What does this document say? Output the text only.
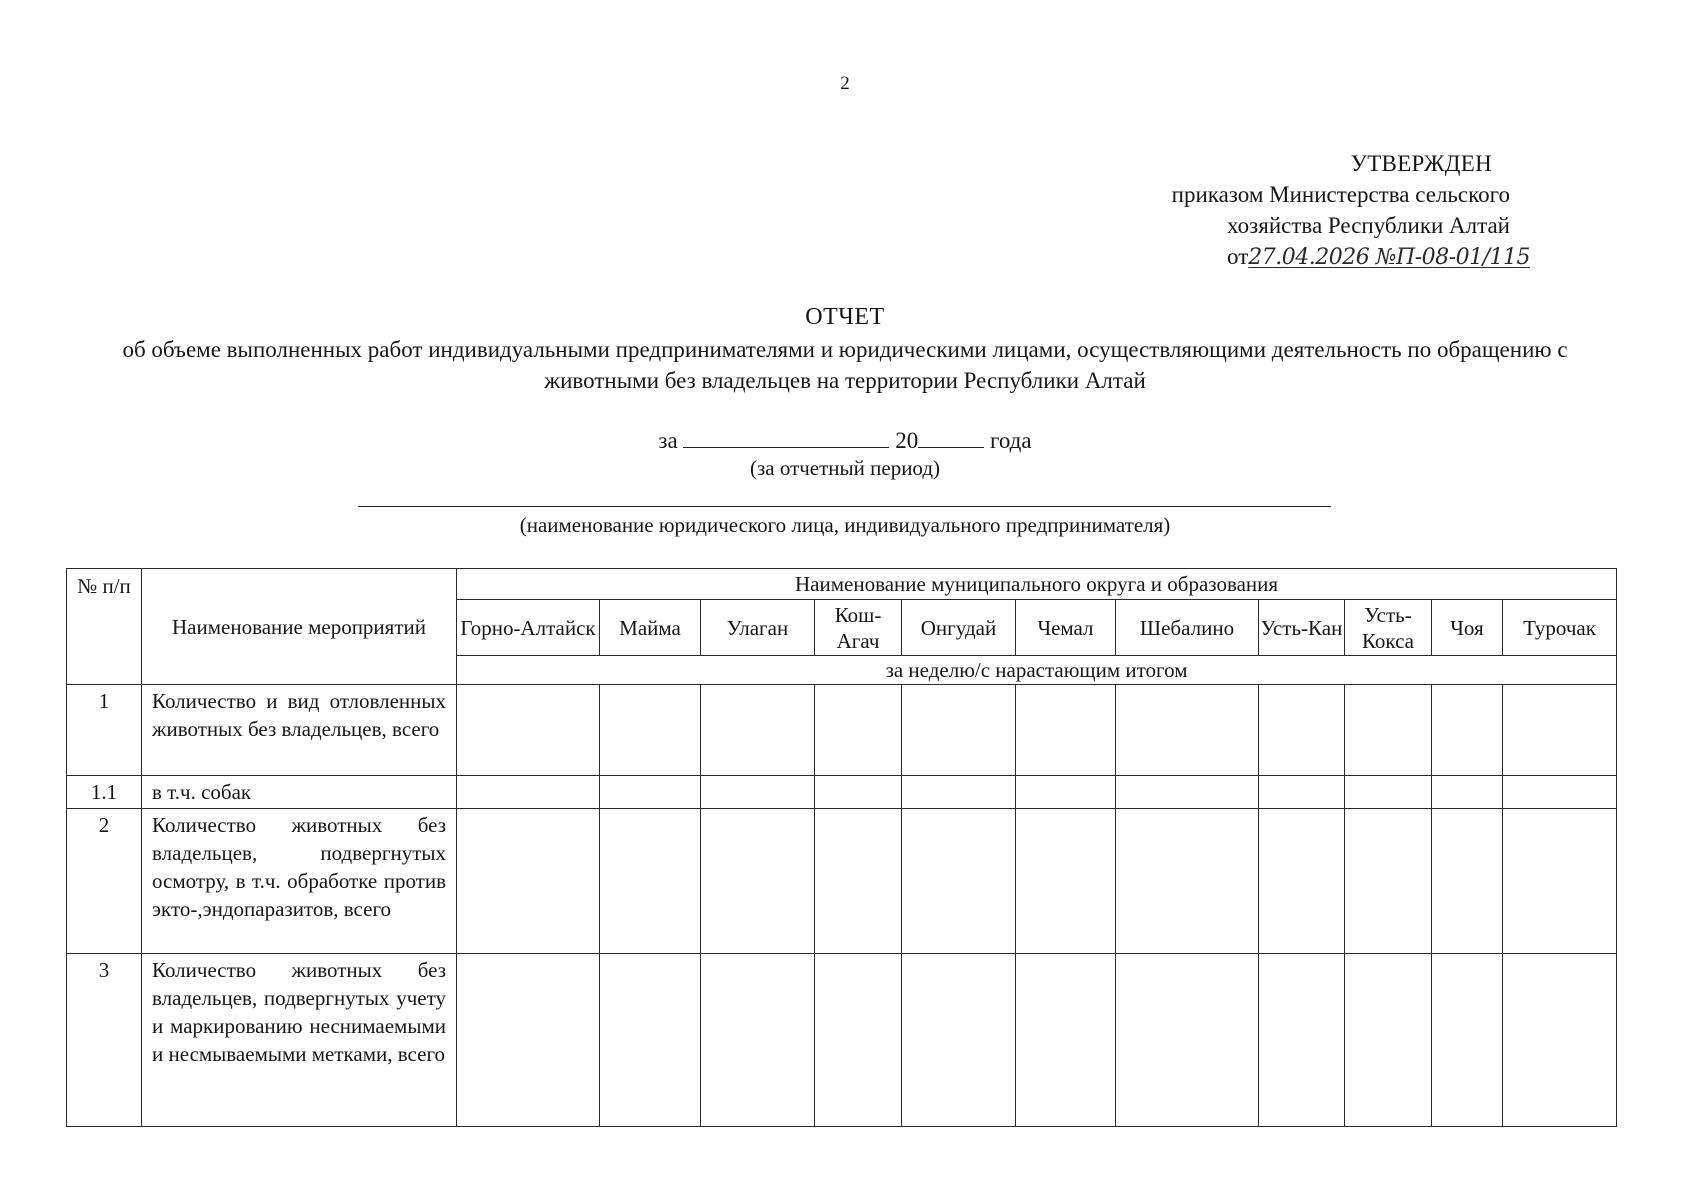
2
УТВЕРЖДЕН
приказом Министерства сельского
хозяйства Республики Алтай
от27.04.2026 №П-08-01/115
ОТЧЕТ
об объеме выполненных работ индивидуальными предпринимателями и юридическими лицами, осуществляющими деятельность по обращению с животными без владельцев на территории Республики Алтай
за	20	года
(за отчетный период)
(наименование юридического лица, индивидуального предпринимателя)
№ п/п	Наименование мероприятий	Наименование муниципального округа и образования										
		Горно-Алтайск	Майма	Улаган	Кош-Агач	Онгудай	Чемал	Шебалино	Усть-Кан	Усть-Кокса	Чоя	Турочак
		за неделю/с нарастающим итогом										
1	Количество и вид отловленных животных без владельцев, всего											
1.1	в т.ч. собак											
2	Количество животных без владельцев, подвергнутых осмотру, в т.ч. обработке против экто-,эндопаразитов, всего											
3	Количество животных без владельцев, подвергнутых учету и маркированию неснимаемыми и несмываемыми метками, всего											
